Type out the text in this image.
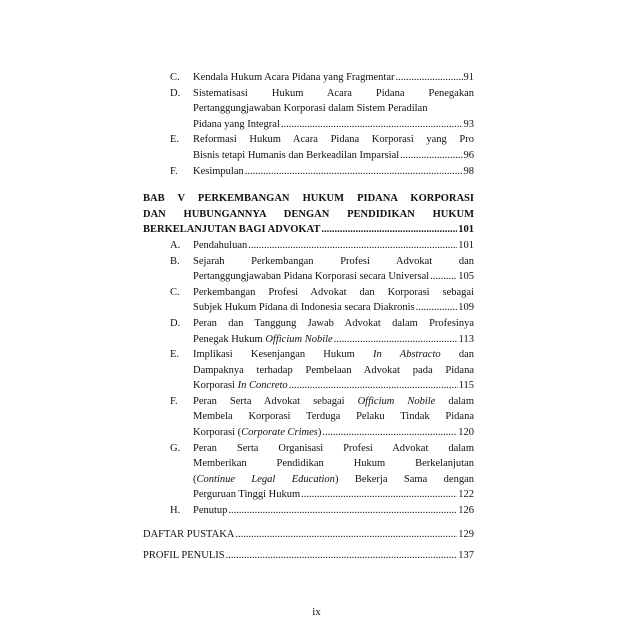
C. Kendala Hukum Acara Pidana yang Fragmentar .....	91
D. Sistematisasi Hukum Acara Pidana Penegakan
Pertanggungjawaban Korporasi dalam Sistem Peradilan
Pidana yang Integral .....	93
E. Reformasi Hukum Acara Pidana Korporasi yang Pro
Bisnis tetapi Humanis dan Berkeadilan Imparsial .....	96
F. Kesimpulan .....	98
BAB V PERKEMBANGAN HUKUM PIDANA KORPORASI
DAN HUBUNGANNYA DENGAN PENDIDIKAN HUKUM
BERKELANJUTAN BAGI ADVOKAT .....	101
A. Pendahuluan .....	101
B. Sejarah Perkembangan Profesi Advokat dan
Pertanggungjawaban Pidana Korporasi secara Universal .....	105
C. Perkembangan Profesi Advokat dan Korporasi sebagai
Subjek Hukum Pidana di Indonesia secara Diakronis .....	109
D. Peran dan Tanggung Jawab Advokat dalam Profesinya
Penegak Hukum Officium Nobile .....	113
E. Implikasi Kesenjangan Hukum In Abstracto dan
Dampaknya terhadap Pembelaan Advokat pada Pidana
Korporasi In Concreto .....	115
F. Peran Serta Advokat sebagai Officium Nobile dalam
Membela Korporasi Terduga Pelaku Tindak Pidana
Korporasi (Corporate Crimes) .....	120
G. Peran Serta Organisasi Profesi Advokat dalam
Memberikan Pendidikan Hukum Berkelanjutan
(Continue Legal Education) Bekerja Sama dengan
Perguruan Tinggi Hukum .....	122
H. Penutup .....	126
DAFTAR PUSTAKA .....	129
PROFIL PENULIS .....	137
ix
